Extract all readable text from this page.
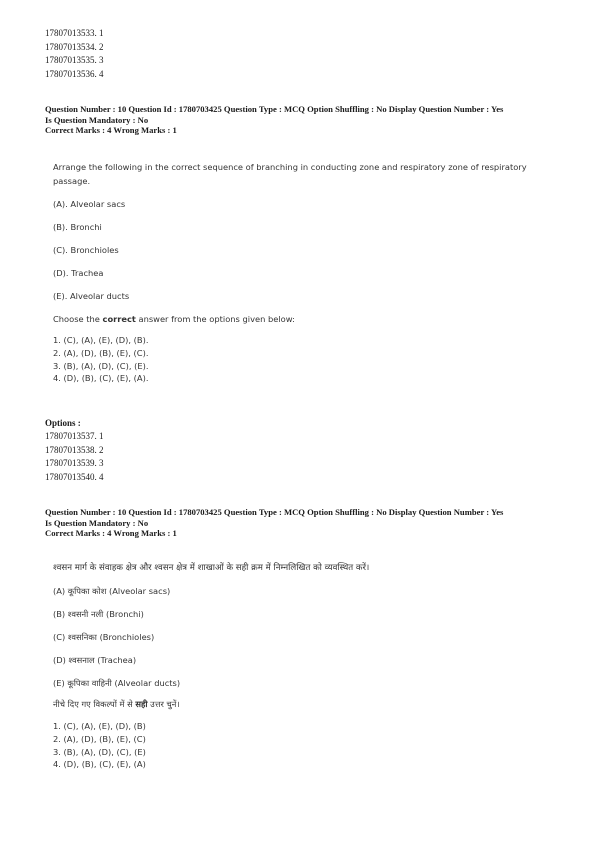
17807013533. 1
17807013534. 2
17807013535. 3
17807013536. 4
Question Number : 10 Question Id : 1780703425 Question Type : MCQ Option Shuffling : No Display Question Number : Yes
Is Question Mandatory : No
Correct Marks : 4 Wrong Marks : 1
Arrange the following in the correct sequence of branching in conducting zone and respiratory zone of respiratory
passage.
(A). Alveolar sacs
(B). Bronchi
(C). Bronchioles
(D). Trachea
(E). Alveolar ducts
Choose the correct answer from the options given below:
1. (C), (A), (E), (D), (B).
2. (A), (D), (B), (E), (C).
3. (B), (A), (D), (C), (E).
4. (D), (B), (C), (E), (A).
Options :
17807013537. 1
17807013538. 2
17807013539. 3
17807013540. 4
Question Number : 10 Question Id : 1780703425 Question Type : MCQ Option Shuffling : No Display Question Number : Yes
Is Question Mandatory : No
Correct Marks : 4 Wrong Marks : 1
श्वसन मार्ग के संवाहक क्षेत्र और श्वसन क्षेत्र में शाखाओं के सही क्रम में निम्नलिखित को व्यवस्थित करें।
(A) कूपिका कोश (Alveolar sacs)
(B) श्वसनी नली (Bronchi)
(C) श्वसनिका (Bronchioles)
(D) श्वसनाल (Trachea)
(E) कूपिका वाहिनी (Alveolar ducts)
नीचे दिए गए विकल्पों में से सही उत्तर चुनें।
1. (C), (A), (E), (D), (B)
2. (A), (D), (B), (E), (C)
3. (B), (A), (D), (C), (E)
4. (D), (B), (C), (E), (A)
